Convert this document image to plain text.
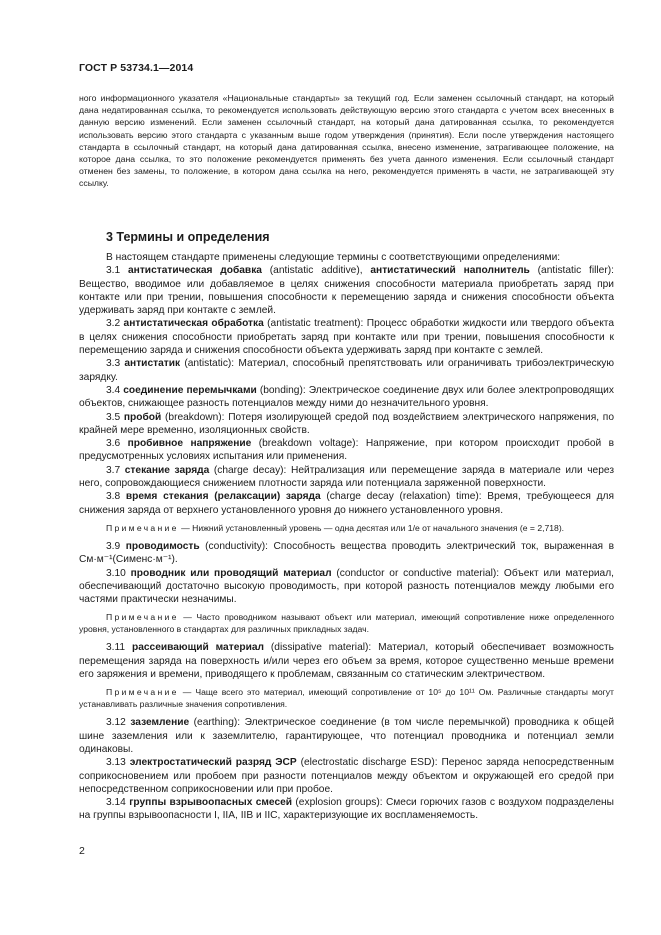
ГОСТ Р 53734.1—2014

ного информационного указателя «Национальные стандарты» за текущий год. Если заменен ссылочный стандарт, на который дана недатированная ссылка, то рекомендуется использовать действующую версию этого стандарта с учетом всех внесенных в данную версию изменений. Если заменен ссылочный стандарт, на который дана датированная ссылка, то рекомендуется использовать версию этого стандарта с указанным выше годом утверждения (принятия). Если после утверждения настоящего стандарта в ссылочный стандарт, на который дана датированная ссылка, внесено изменение, затрагивающее положение, на которое дана ссылка, то это положение рекомендуется применять без учета данного изменения. Если ссылочный стандарт отменен без замены, то положение, в котором дана ссылка на него, рекомендуется применять в части, не затрагивающей эту ссылку.

3 Термины и определения

В настоящем стандарте применены следующие термины с соответствующими определениями:

3.1 антистатическая добавка (antistatic additive), антистатический наполнитель (antistatic filler): Вещество, вводимое или добавляемое в целях снижения способности материала приобретать заряд при контакте или при трении, повышения способности к перемещению заряда и снижения способности объекта удерживать заряд при контакте с землей.

3.2 антистатическая обработка (antistatic treatment): Процесс обработки жидкости или твердого объекта в целях снижения способности приобретать заряд при контакте или при трении, повышения способности к перемещению заряда и снижения способности объекта удерживать заряд при контакте с землей.

3.3 антистатик (antistatic): Материал, способный препятствовать или ограничивать трибоэлектрическую зарядку.

3.4 соединение перемычками (bonding): Электрическое соединение двух или более электропроводящих объектов, снижающее разность потенциалов между ними до незначительного уровня.

3.5 пробой (breakdown): Потеря изолирующей средой под воздействием электрического напряжения, по крайней мере временно, изоляционных свойств.

3.6 пробивное напряжение (breakdown voltage): Напряжение, при котором происходит пробой в предусмотренных условиях испытания или применения.

3.7 стекание заряда (charge decay): Нейтрализация или перемещение заряда в материале или через него, сопровождающиеся снижением плотности заряда или потенциала заряженной поверхности.

3.8 время стекания (релаксации) заряда (charge decay (relaxation) time): Время, требующееся для снижения заряда от верхнего установленного уровня до нижнего установленного уровня.

Примечание — Нижний установленный уровень — одна десятая или 1/e от начального значения (e = 2,718).

3.9 проводимость (conductivity): Способность вещества проводить электрический ток, выраженная в См·м⁻¹(Сименс·м⁻¹).

3.10 проводник или проводящий материал (conductor or conductive material): Объект или материал, обеспечивающий достаточно высокую проводимость, при которой разность потенциалов между любыми его частями практически незначимы.

Примечание — Часто проводником называют объект или материал, имеющий сопротивление ниже определенного уровня, установленного в стандартах для различных прикладных задач.

3.11 рассеивающий материал (dissipative material): Материал, который обеспечивает возможность перемещения заряда на поверхность и/или через его объем за время, которое существенно меньше времени его заряжения и времени, приводящего к проблемам, связанным со статическим электричеством.

Примечание — Чаще всего это материал, имеющий сопротивление от 10⁵ до 10¹¹ Ом. Различные стандарты могут устанавливать различные значения сопротивления.

3.12 заземление (earthing): Электрическое соединение (в том числе перемычкой) проводника к общей шине заземления или к заземлителю, гарантирующее, что потенциал проводника и потенциал земли одинаковы.

3.13 электростатический разряд ЭСР (electrostatic discharge ESD): Перенос заряда непосредственным соприкосновением или пробоем при разности потенциалов между объектом и окружающей его средой при непосредственном соприкосновении или при пробое.

3.14 группы взрывоопасных смесей (explosion groups): Смеси горючих газов с воздухом подразделены на группы взрывоопасности I, IIA, IIB и IIC, характеризующие их воспламеняемость.

2
